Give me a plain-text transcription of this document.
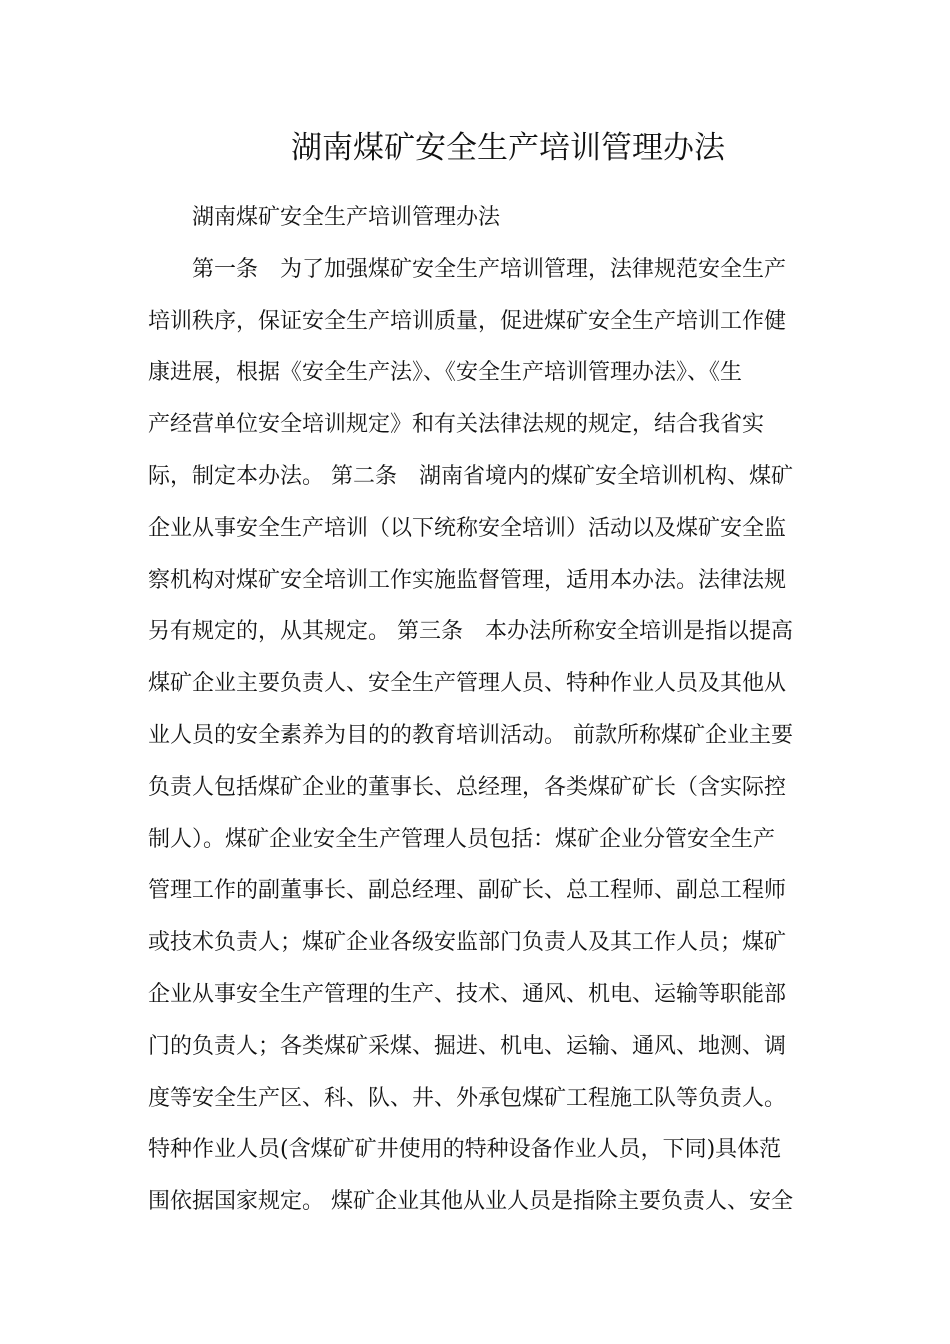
湖南煤矿安全生产培训管理办法
湖南煤矿安全生产培训管理办法
第一条　为了加强煤矿安全生产培训管理，法律规范安全生产
培训秩序，保证安全生产培训质量，促进煤矿安全生产培训工作健
康进展，根据《安全生产法》、《安全生产培训管理办法》、《生
产经营单位安全培训规定》和有关法律法规的规定，结合我省实
际，制定本办法。 第二条　湖南省境内的煤矿安全培训机构、煤矿
企业从事安全生产培训（以下统称安全培训）活动以及煤矿安全监
察机构对煤矿安全培训工作实施监督管理，适用本办法。法律法规
另有规定的，从其规定。 第三条　本办法所称安全培训是指以提高
煤矿企业主要负责人、安全生产管理人员、特种作业人员及其他从
业人员的安全素养为目的的教育培训活动。 前款所称煤矿企业主要
负责人包括煤矿企业的董事长、总经理，各类煤矿矿长（含实际控
制人）。煤矿企业安全生产管理人员包括：煤矿企业分管安全生产
管理工作的副董事长、副总经理、副矿长、总工程师、副总工程师
或技术负责人；煤矿企业各级安监部门负责人及其工作人员；煤矿
企业从事安全生产管理的生产、技术、通风、机电、运输等职能部
门的负责人；各类煤矿采煤、掘进、机电、运输、通风、地测、调
度等安全生产区、科、队、井、外承包煤矿工程施工队等负责人。
特种作业人员(含煤矿矿井使用的特种设备作业人员，下同)具体范
围依据国家规定。 煤矿企业其他从业人员是指除主要负责人、安全
